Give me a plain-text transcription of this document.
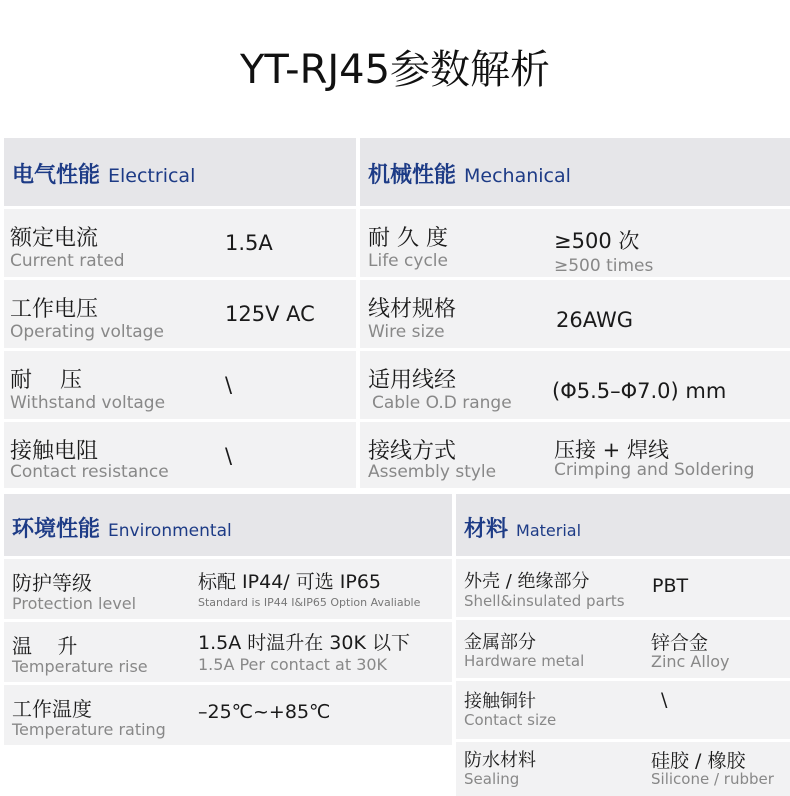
YT-RJ45参数解析
电气性能 Electrical
额定电流
Current rated
1.5A
工作电压
Operating voltage
125V AC
耐    压
Withstand voltage
\
接触电阻
Contact resistance
\
机械性能 Mechanical
耐 久 度
Life cycle
≥500 次
≥500 times
线材规格
Wire size	26AWG
适用线经
Cable O.D range (Φ5.5–Φ7.0) mm
接线方式
Assembly style
压接 + 焊线
Crimping and Soldering
环境性能 Environmental
防护等级
Protection level
标配 IP44/ 可选 IP65
Standard is IP44 I&IP65 Option Avaliable
温    升
Temperature rise
1.5A 时温升在 30K 以下
1.5A Per contact at 30K
工作温度
Temperature rating
–25℃~+85℃
材料 Material
外壳 / 绝缘部分
Shell&insulated parts
PBT
金属部分
Hardware metal
锌合金
Zinc Alloy
接触铜针
Contact size
\
防水材料
Sealing
硅胶 / 橡胶
Silicone / rubber
